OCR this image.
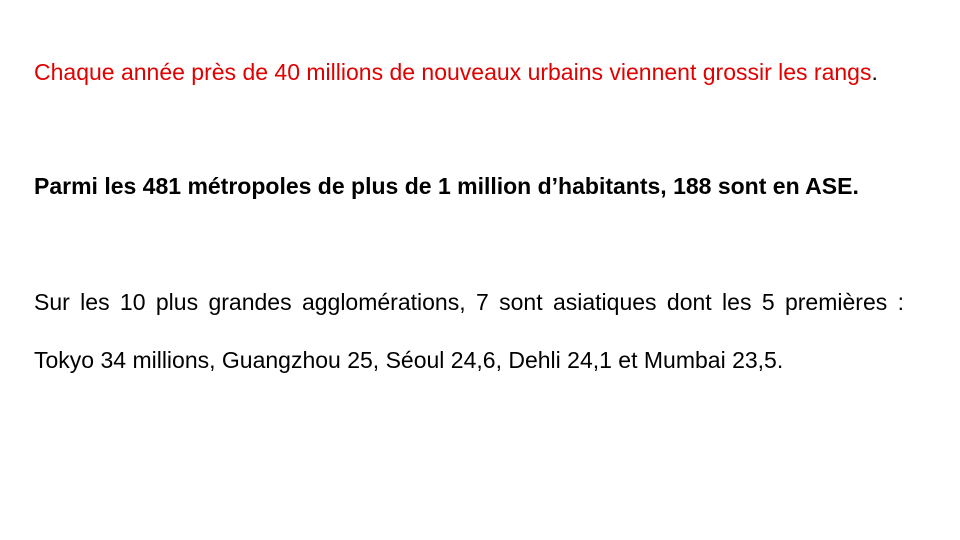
Chaque année près de 40 millions de nouveaux urbains viennent grossir les rangs.

Parmi les 481 métropoles de plus de 1 million d’habitants, 188 sont en ASE.

Sur les 10 plus grandes agglomérations, 7 sont asiatiques dont les 5 premières : Tokyo 34 millions, Guangzhou 25, Séoul 24,6, Dehli 24,1 et Mumbai 23,5.
